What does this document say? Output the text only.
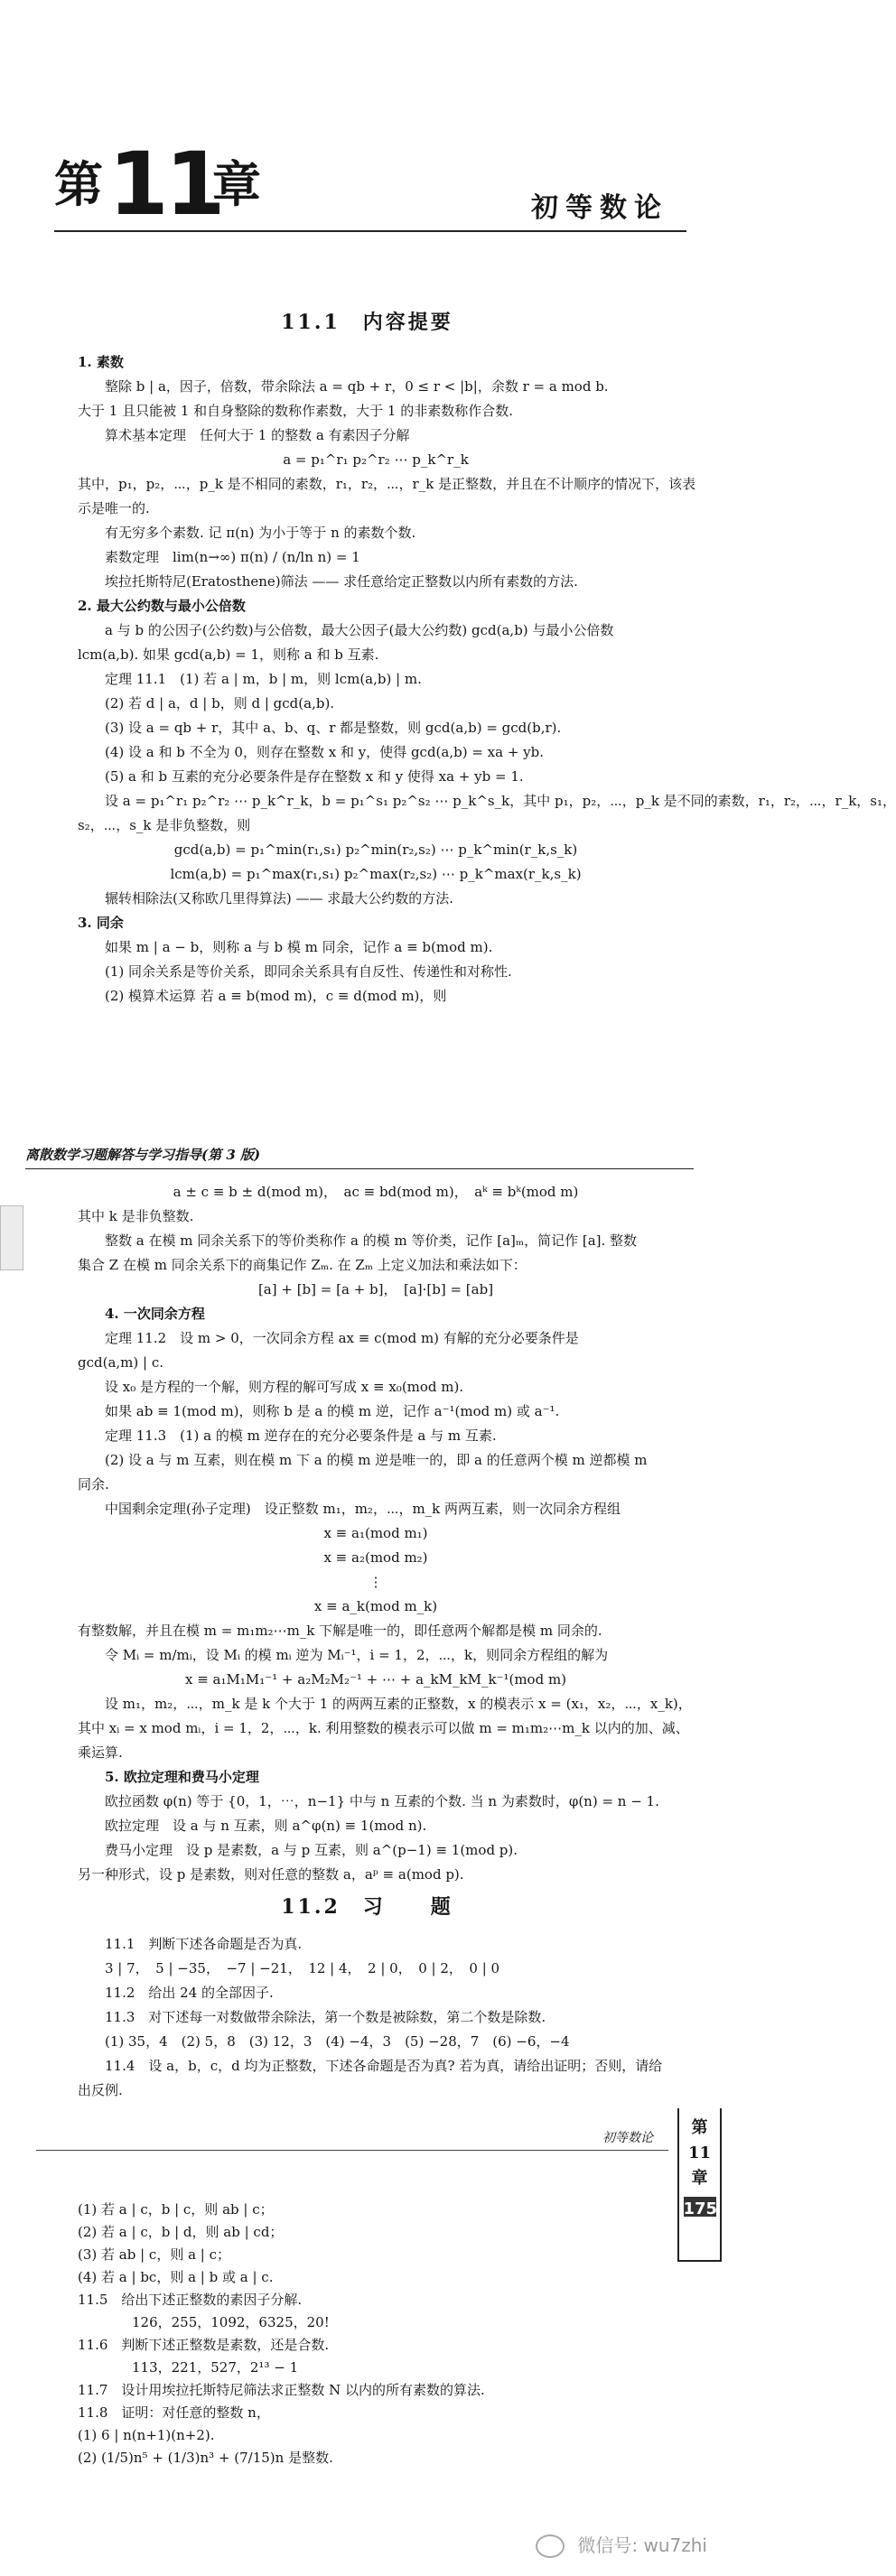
第 11
章	初等数论
11.1　内容提要
1. 素数
整除 b | a，因子，倍数，带余除法 a = qb + r，0 ≤ r < |b|，余数 r = a mod b.
大于 1 且只能被 1 和自身整除的数称作素数，大于 1 的非素数称作合数.
算术基本定理　任何大于 1 的整数 a 有素因子分解
a = p₁^r₁ p₂^r₂ ⋯ p_k^r_k
其中，p₁，p₂，⋯，p_k 是不相同的素数，r₁，r₂，⋯，r_k 是正整数，并且在不计顺序的情况下，该表
示是唯一的.
有无穷多个素数. 记 π(n) 为小于等于 n 的素数个数.
素数定理　lim(n→∞) π(n) / (n/ln n) = 1
埃拉托斯特尼(Eratosthene)筛法 —— 求任意给定正整数以内所有素数的方法.
2. 最大公约数与最小公倍数
a 与 b 的公因子(公约数)与公倍数，最大公因子(最大公约数) gcd(a,b) 与最小公倍数
lcm(a,b). 如果 gcd(a,b) = 1，则称 a 和 b 互素.
定理 11.1　(1) 若 a | m，b | m，则 lcm(a,b) | m.
(2) 若 d | a，d | b，则 d | gcd(a,b).
(3) 设 a = qb + r，其中 a、b、q、r 都是整数，则 gcd(a,b) = gcd(b,r).
(4) 设 a 和 b 不全为 0，则存在整数 x 和 y，使得 gcd(a,b) = xa + yb.
(5) a 和 b 互素的充分必要条件是存在整数 x 和 y 使得 xa + yb = 1.
设 a = p₁^r₁ p₂^r₂ ⋯ p_k^r_k，b = p₁^s₁ p₂^s₂ ⋯ p_k^s_k，其中 p₁，p₂，⋯，p_k 是不同的素数，r₁，r₂，⋯，r_k，s₁，
s₂，⋯，s_k 是非负整数，则
gcd(a,b) = p₁^min(r₁,s₁) p₂^min(r₂,s₂) ⋯ p_k^min(r_k,s_k)
lcm(a,b) = p₁^max(r₁,s₁) p₂^max(r₂,s₂) ⋯ p_k^max(r_k,s_k)
辗转相除法(又称欧几里得算法) —— 求最大公约数的方法.
3. 同余
如果 m | a − b，则称 a 与 b 模 m 同余，记作 a ≡ b(mod m).
(1) 同余关系是等价关系，即同余关系具有自反性、传递性和对称性.
(2) 模算术运算 若 a ≡ b(mod m)，c ≡ d(mod m)，则
离散数学习题解答与学习指导(第 3 版)
a ± c ≡ b ± d(mod m)，　ac ≡ bd(mod m)，　aᵏ ≡ bᵏ(mod m)
其中 k 是非负整数.
整数 a 在模 m 同余关系下的等价类称作 a 的模 m 等价类，记作 [a]ₘ，简记作 [a]. 整数
集合 Z 在模 m 同余关系下的商集记作 Zₘ. 在 Zₘ 上定义加法和乘法如下：
[a] + [b] = [a + b]，　[a]·[b] = [ab]
4. 一次同余方程
定理 11.2　设 m > 0，一次同余方程 ax ≡ c(mod m) 有解的充分必要条件是
gcd(a,m) | c.
设 x₀ 是方程的一个解，则方程的解可写成 x ≡ x₀(mod m).
如果 ab ≡ 1(mod m)，则称 b 是 a 的模 m 逆，记作 a⁻¹(mod m) 或 a⁻¹.
定理 11.3　(1) a 的模 m 逆存在的充分必要条件是 a 与 m 互素.
(2) 设 a 与 m 互素，则在模 m 下 a 的模 m 逆是唯一的，即 a 的任意两个模 m 逆都模 m
同余.
中国剩余定理(孙子定理)　设正整数 m₁，m₂，⋯，m_k 两两互素，则一次同余方程组
x ≡ a₁(mod m₁)
x ≡ a₂(mod m₂)
⋮
x ≡ a_k(mod m_k)
有整数解，并且在模 m = m₁m₂⋯m_k 下解是唯一的，即任意两个解都是模 m 同余的.
令 Mᵢ = m/mᵢ，设 Mᵢ 的模 mᵢ 逆为 Mᵢ⁻¹，i = 1，2，⋯，k，则同余方程组的解为
x ≡ a₁M₁M₁⁻¹ + a₂M₂M₂⁻¹ + ⋯ + a_kM_kM_k⁻¹(mod m)
设 m₁，m₂，⋯，m_k 是 k 个大于 1 的两两互素的正整数，x 的模表示 x = (x₁，x₂，⋯，x_k)，
其中 xᵢ = x mod mᵢ，i = 1，2，⋯，k. 利用整数的模表示可以做 m = m₁m₂⋯m_k 以内的加、减、
乘运算.
5. 欧拉定理和费马小定理
欧拉函数 φ(n) 等于 {0，1，⋯，n−1} 中与 n 互素的个数. 当 n 为素数时，φ(n) = n − 1.
欧拉定理　设 a 与 n 互素，则 a^φ(n) ≡ 1(mod n).
费马小定理　设 p 是素数，a 与 p 互素，则 a^(p−1) ≡ 1(mod p).
另一种形式，设 p 是素数，则对任意的整数 a，aᵖ ≡ a(mod p).
11.2　习　　题
11.1　判断下述各命题是否为真.
3 | 7，　5 | −35，　−7 | −21，　12 | 4，　2 | 0，　0 | 2，　0 | 0
11.2　给出 24 的全部因子.
11.3　对下述每一对数做带余除法，第一个数是被除数，第二个数是除数.
(1) 35，4　(2) 5，8　(3) 12，3　(4) −4，3　(5) −28，7　(6) −6，−4
11.4　设 a，b，c，d 均为正整数，下述各命题是否为真? 若为真，请给出证明；否则，请给
出反例.
初等数论
第
11
章
175
(1) 若 a | c，b | c，则 ab | c；
(2) 若 a | c，b | d，则 ab | cd；
(3) 若 ab | c，则 a | c；
(4) 若 a | bc，则 a | b 或 a | c.
11.5　给出下述正整数的素因子分解.
126，255，1092，6325，20!
11.6　判断下述正整数是素数，还是合数.
113，221，527，2¹³ − 1
11.7　设计用埃拉托斯特尼筛法求正整数 N 以内的所有素数的算法.
11.8　证明：对任意的整数 n，
(1) 6 | n(n+1)(n+2).
(2) (1/5)n⁵ + (1/3)n³ + (7/15)n 是整数.
微信号: wu7zhi
